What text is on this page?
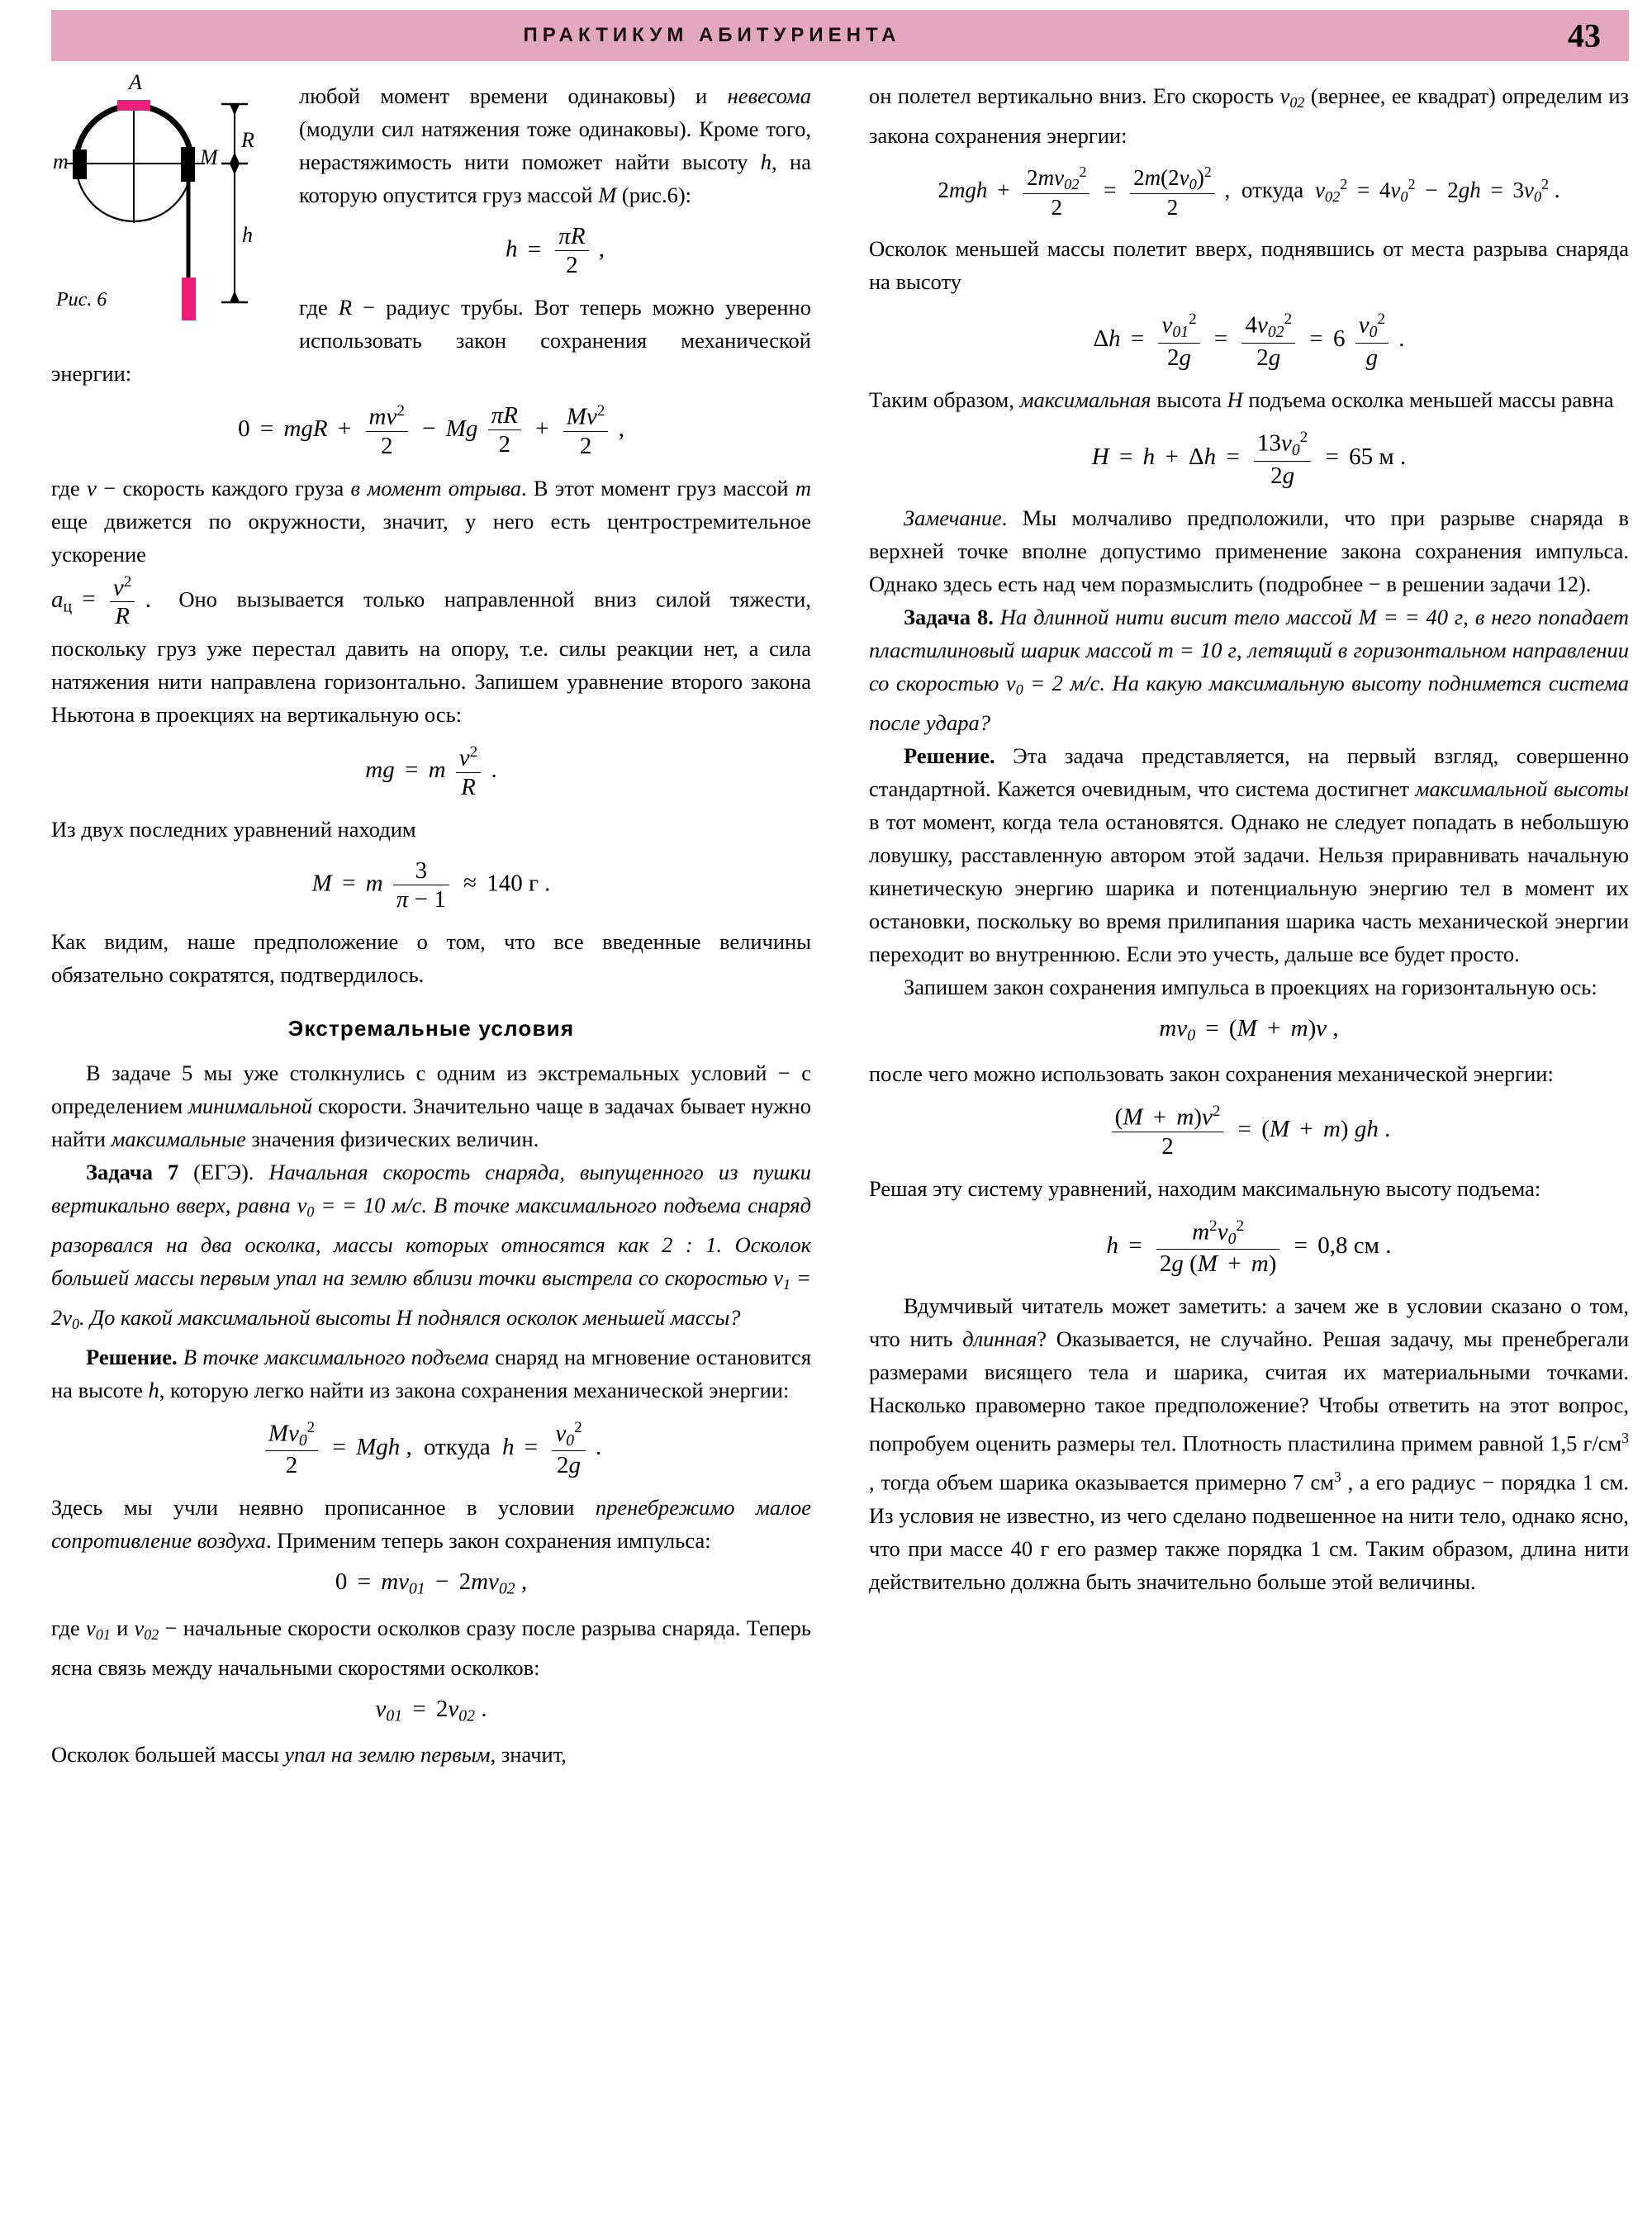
ПРАКТИКУМ АБИТУРИЕНТА	43
A
m	M
R
h
Рис. 6

любой момент времени одинаковы) и невесома (модули сил натяжения тоже одинаковы). Кроме того, нерастяжимость нити поможет найти высоту h, на которую опустится груз массой M (рис.6):

$h = \frac{\pi R}{2}$ ,

где R − радиус трубы. Вот теперь можно уверенно использовать закон сохранения механической энергии:

0 = mgR + $\frac{mv^2}{2} - Mg \frac{\pi R}{2} + \frac{Mv^2}{2}$ ,

где v − скорость каждого груза в момент отрыва. В этот момент груз массой m еще движется по окружности, значит, у него есть центростремительное ускорение

aц = $\frac{v^2}{R}$ . Оно вызывается только направленной вниз силой тяжести, поскольку груз уже перестал давить на опору, т.е. силы реакции нет, а сила натяжения нити направлена горизонтально. Запишем уравнение второго закона Ньютона в проекциях на вертикальную ось:

mg = m $\frac{v^2}{R}$ .

Из двух последних уравнений находим

M = m $\frac{3}{\pi - 1} \approx 140$ г .

Как видим, наше предположение о том, что все введенные величины обязательно сократятся, подтвердилось.

Экстремальные условия

В задаче 5 мы уже столкнулись с одним из экстремальных условий − с определением минимальной скорости. Значительно чаще в задачах бывает нужно найти максимальные значения физических величин.

Задача 7 (ЕГЭ). Начальная скорость снаряда, выпущенного из пушки вертикально вверх, равна $v_0$ = = 10 м/с. В точке максимального подъема снаряд разорвался на два осколка, массы которых относятся как 2 : 1. Осколок большей массы первым упал на землю вблизи точки выстрела со скоростью $v_1 = 2v_0$. До какой максимальной высоты H поднялся осколок меньшей массы?

Решение. В точке максимального подъема снаряд на мгновение остановится на высоте h, которую легко найти из закона сохранения механической энергии:

$\frac{Mv_0^2}{2}$ = Mgh , откуда $h = \frac{v_0^2}{2g}$ .

Здесь мы учли неявно прописанное в условии пренебрежимо малое сопротивление воздуха. Применим теперь закон сохранения импульса:

$0 = mv_{01} - 2mv_{02}$ ,

где $v_{01}$ и $v_{02}$ − начальные скорости осколков сразу после разрыва снаряда. Теперь ясна связь между начальными скоростями осколков:

$v_{01} = 2v_{02}$ .

Осколок большей массы упал на землю первым, значит,

он полетел вертикально вниз. Его скорость $v_{02}$ (вернее, ее квадрат) определим из закона сохранения энергии:

$2mgh + \frac{2mv_{02}^2}{2} = \frac{2m(2v_0)^2}{2}$ , откуда $v_{02}^2 = 4v_0^2 - 2gh = 3v_0^2$ .

Осколок меньшей массы полетит вверх, поднявшись от места разрыва снаряда на высоту

$\Delta h = \frac{v_{01}^2}{2g} = \frac{4v_{02}^2}{2g} = 6 \frac{v_0^2}{g}$ .

Таким образом, максимальная высота H подъема осколка меньшей массы равна

$H = h + \Delta h = \frac{13v_0^2}{2g} = 65$ м .

Замечание. Мы молчаливо предположили, что при разрыве снаряда в верхней точке вполне допустимо применение закона сохранения импульса. Однако здесь есть над чем поразмыслить (подробнее − в решении задачи 12).

Задача 8. На длинной нити висит тело массой M = = 40 г, в него попадает пластилиновый шарик массой m = 10 г, летящий в горизонтальном направлении со скоростью $v_0 = 2$ м/с. На какую максимальную высоту поднимется система после удара?

Решение. Эта задача представляется, на первый взгляд, совершенно стандартной. Кажется очевидным, что система достигнет максимальной высоты в тот момент, когда тела остановятся. Однако не следует попадать в небольшую ловушку, расставленную автором этой задачи. Нельзя приравнивать начальную кинетическую энергию шарика и потенциальную энергию тел в момент их остановки, поскольку во время прилипания шарика часть механической энергии переходит во внутреннюю. Если это учесть, дальше все будет просто.

Запишем закон сохранения импульса в проекциях на горизонтальную ось:

$mv_0 = (M + m)v$ ,

после чего можно использовать закон сохранения механической энергии:

$\frac{(M + m)v^2}{2} = (M + m)$ gh .

Решая эту систему уравнений, находим максимальную высоту подъема:

$h = \frac{m^2v_0^2}{2g (M + m)} = 0,8$ см .

Вдумчивый читатель может заметить: а зачем же в условии сказано о том, что нить длинная? Оказывается, не случайно. Решая задачу, мы пренебрегали размерами висящего тела и шарика, считая их материальными точками. Насколько правомерно такое предположение? Чтобы ответить на этот вопрос, попробуем оценить размеры тел. Плотность пластилина примем равной 1,5 $г/см^3$ , тогда объем шарика оказывается примерно 7 $см^3$ , а его радиус − порядка 1 см. Из условия не известно, из чего сделано подвешенное на нити тело, однако ясно, что при массе 40 г его размер также порядка 1 см. Таким образом, длина нити действительно должна быть значительно больше этой величины.
